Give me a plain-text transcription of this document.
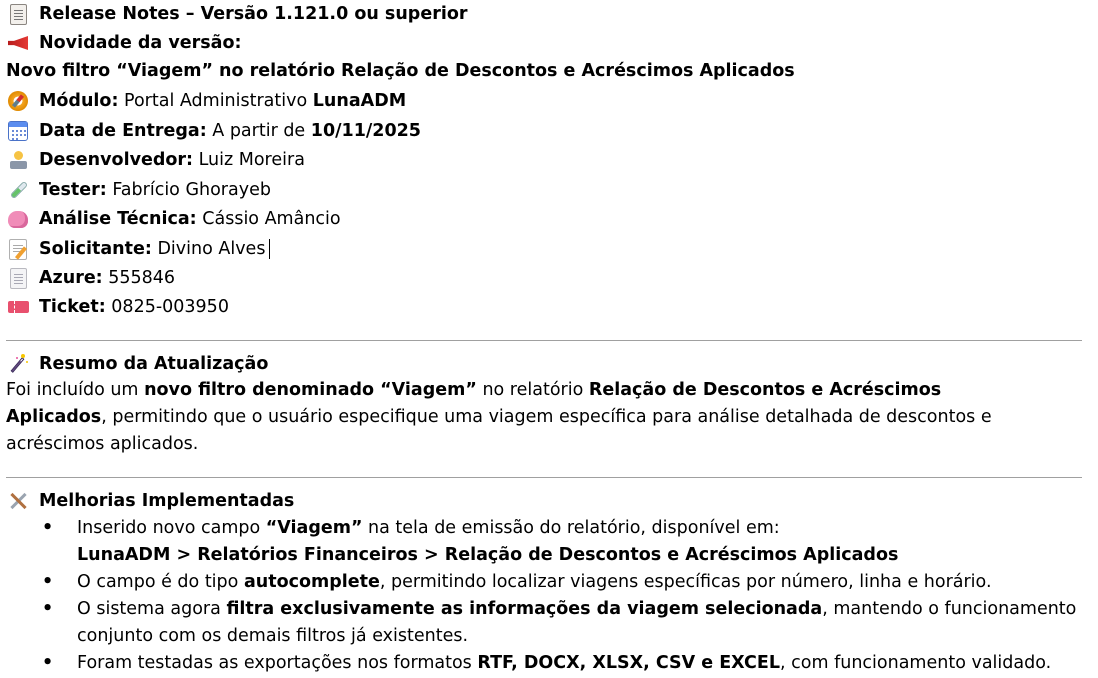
Release Notes – Versão 1.121.0 ou superior
Novidade da versão:
Novo filtro “Viagem” no relatório Relação de Descontos e Acréscimos Aplicados
Módulo:
Portal Administrativo
LunaADM
Data de Entrega:
A partir de
10/11/2025
Desenvolvedor:
Luiz Moreira
Tester:
Fabrício Ghorayeb
Análise Técnica:
Cássio Amâncio
Solicitante:
Divino Alves
Azure:
555846
Ticket:
0825-003950
Resumo da Atualização
Foi incluído um novo filtro denominado “Viagem” no relatório Relação de Descontos e Acréscimos Aplicados, permitindo que o usuário especifique uma viagem específica para análise detalhada de descontos e acréscimos aplicados.
Melhorias Implementadas
• Inserido novo campo “Viagem” na tela de emissão do relatório, disponível em:
LunaADM > Relatórios Financeiros > Relação de Descontos e Acréscimos Aplicados
• O campo é do tipo autocomplete, permitindo localizar viagens específicas por número, linha e horário.
• O sistema agora filtra exclusivamente as informações da viagem selecionada, mantendo o funcionamento conjunto com os demais filtros já existentes.
• Foram testadas as exportações nos formatos RTF, DOCX, XLSX, CSV e EXCEL, com funcionamento validado.
